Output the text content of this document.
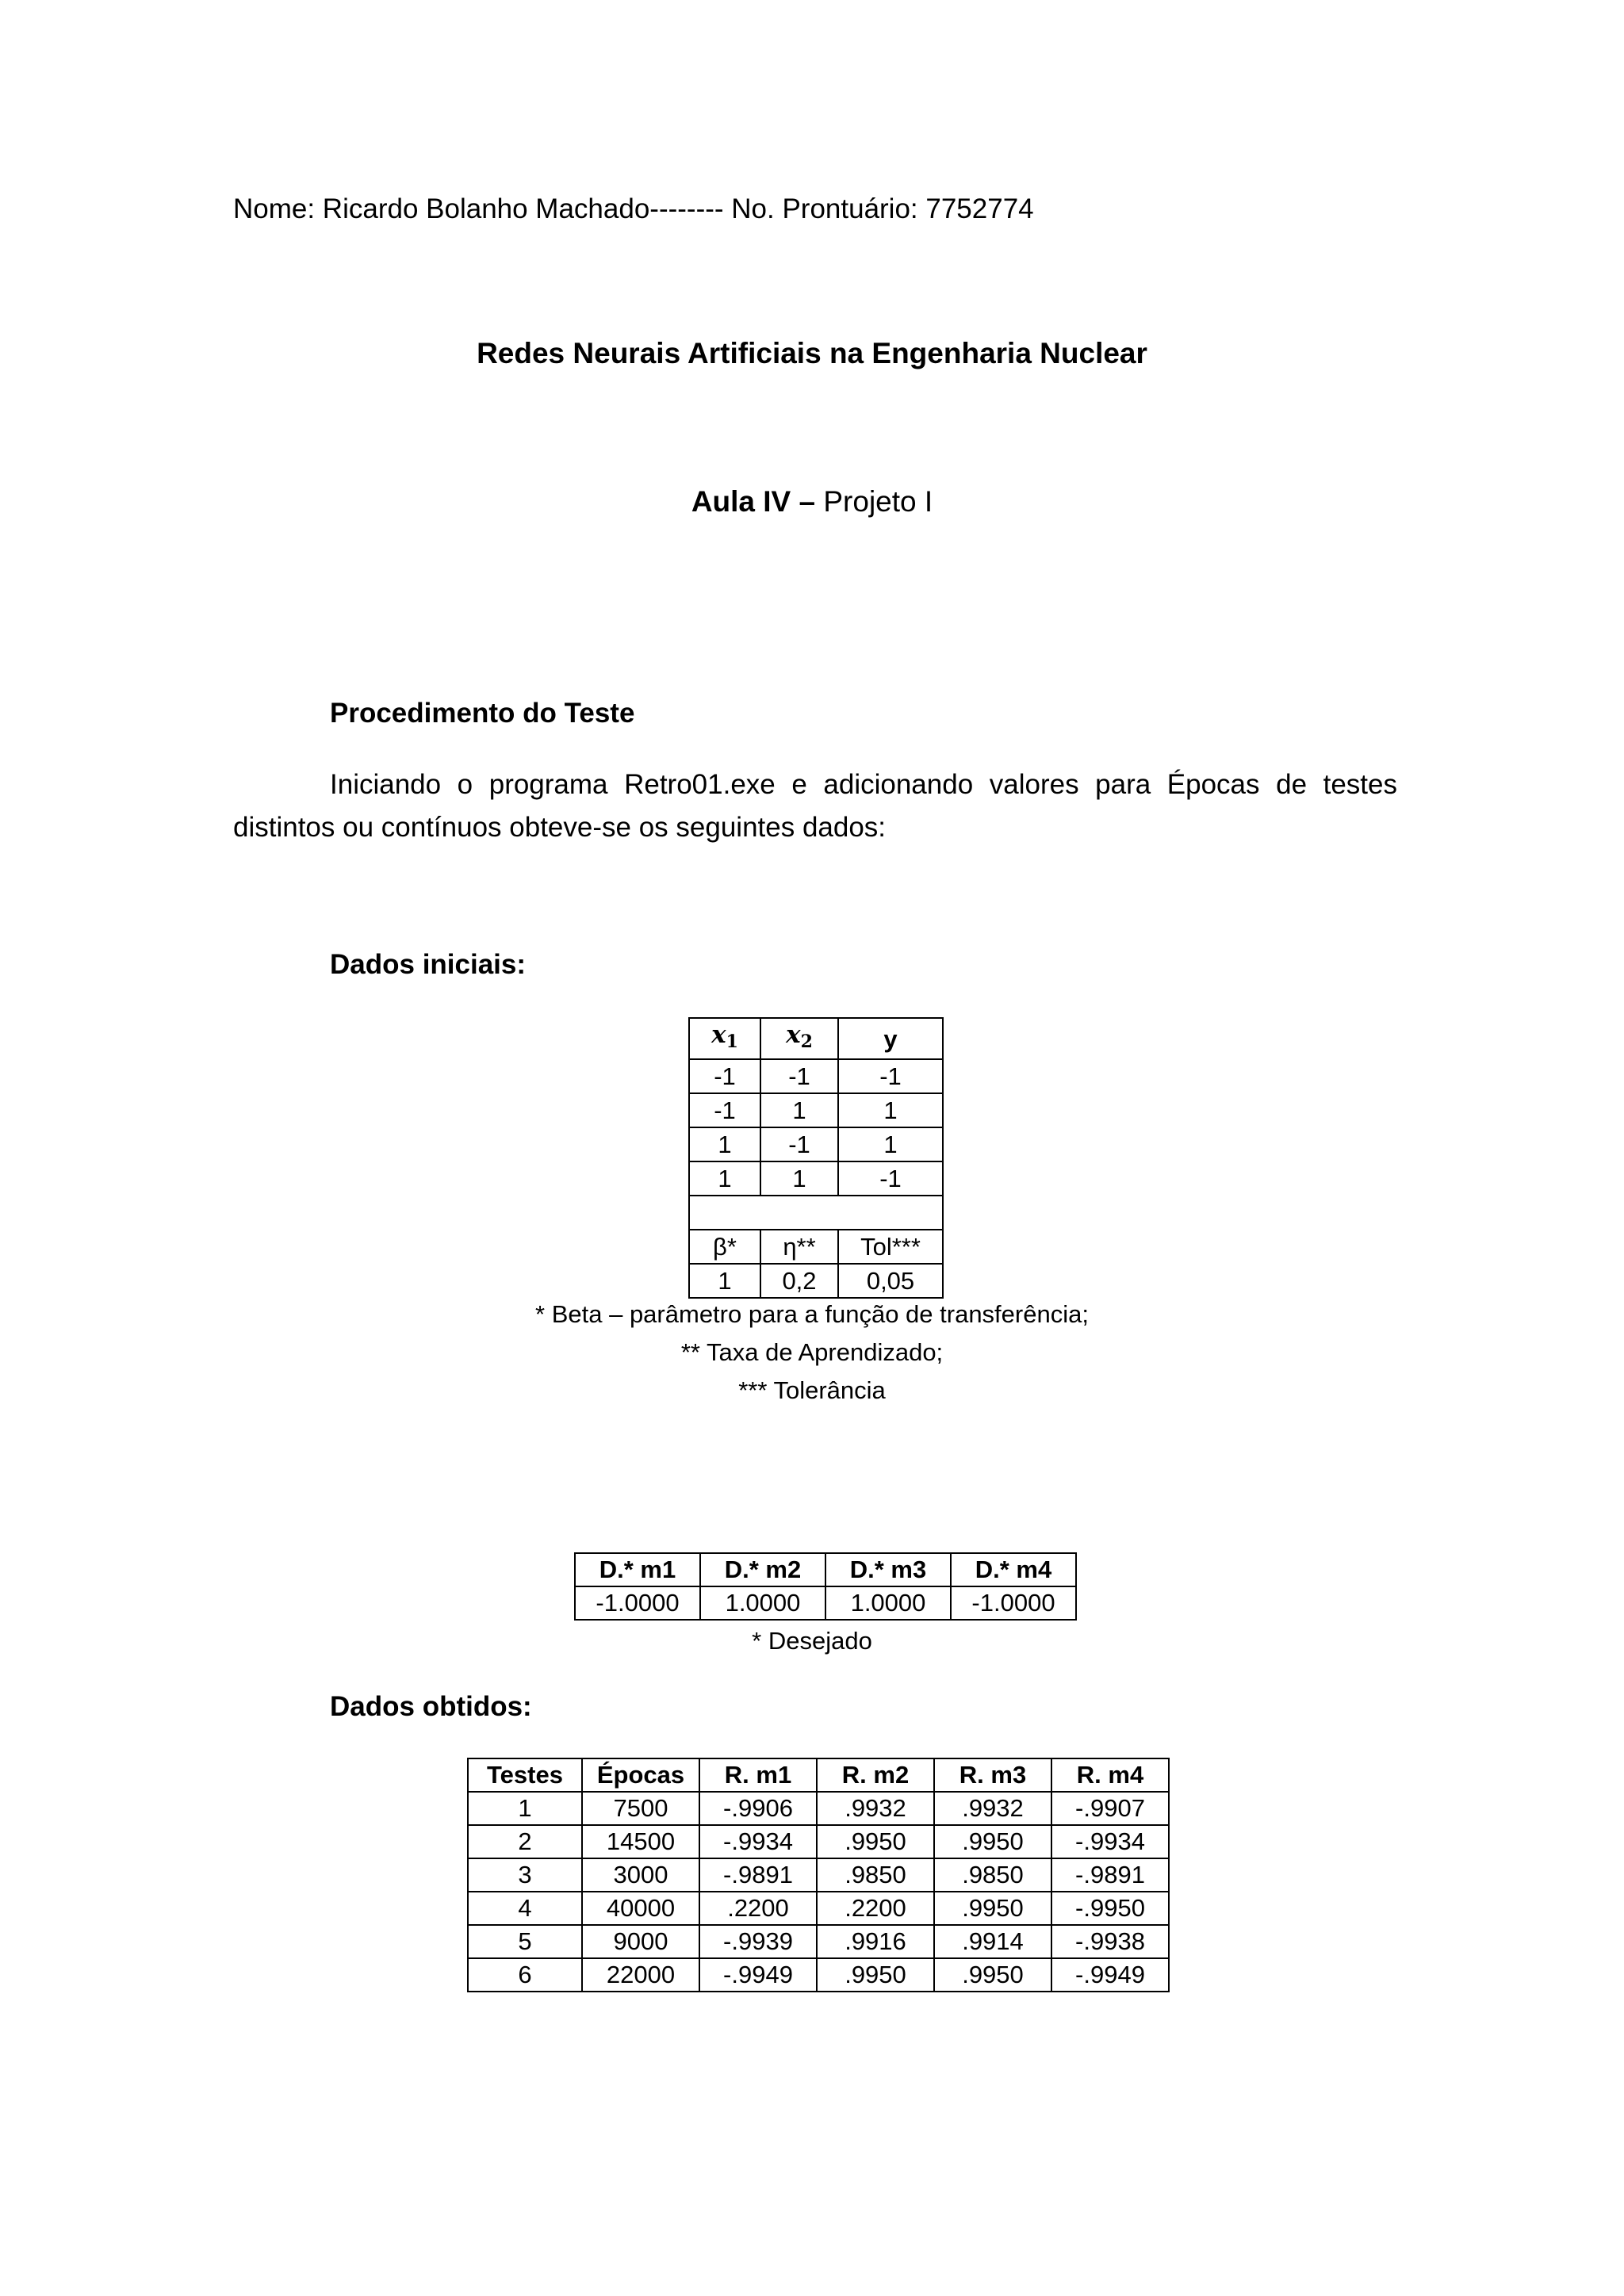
Nome: Ricardo Bolanho Machado-------- No. Prontuário: 7752774
Redes Neurais Artificiais na Engenharia Nuclear
Aula IV – Projeto I
Procedimento do Teste
Iniciando o programa Retro01.exe e adicionando valores para Épocas de testes distintos ou contínuos obteve-se os seguintes dados:
Dados iniciais:
$x_1$	$x_2$	y
-1	-1	-1
-1	1	1
1	-1	1
1	1	-1

β*	η**	Tol***
1	0,2	0,05
* Beta – parâmetro para a função de transferência;
** Taxa de Aprendizado;
*** Tolerância
D.* m1	D.* m2	D.* m3	D.* m4
-1.0000	1.0000	1.0000	-1.0000
* Desejado
Dados obtidos:
Testes	Épocas	R. m1	R. m2	R. m3	R. m4
1	7500	-.9906	.9932	.9932	-.9907
2	14500	-.9934	.9950	.9950	-.9934
3	3000	-.9891	.9850	.9850	-.9891
4	40000	.2200	.2200	.9950	-.9950
5	9000	-.9939	.9916	.9914	-.9938
6	22000	-.9949	.9950	.9950	-.9949
